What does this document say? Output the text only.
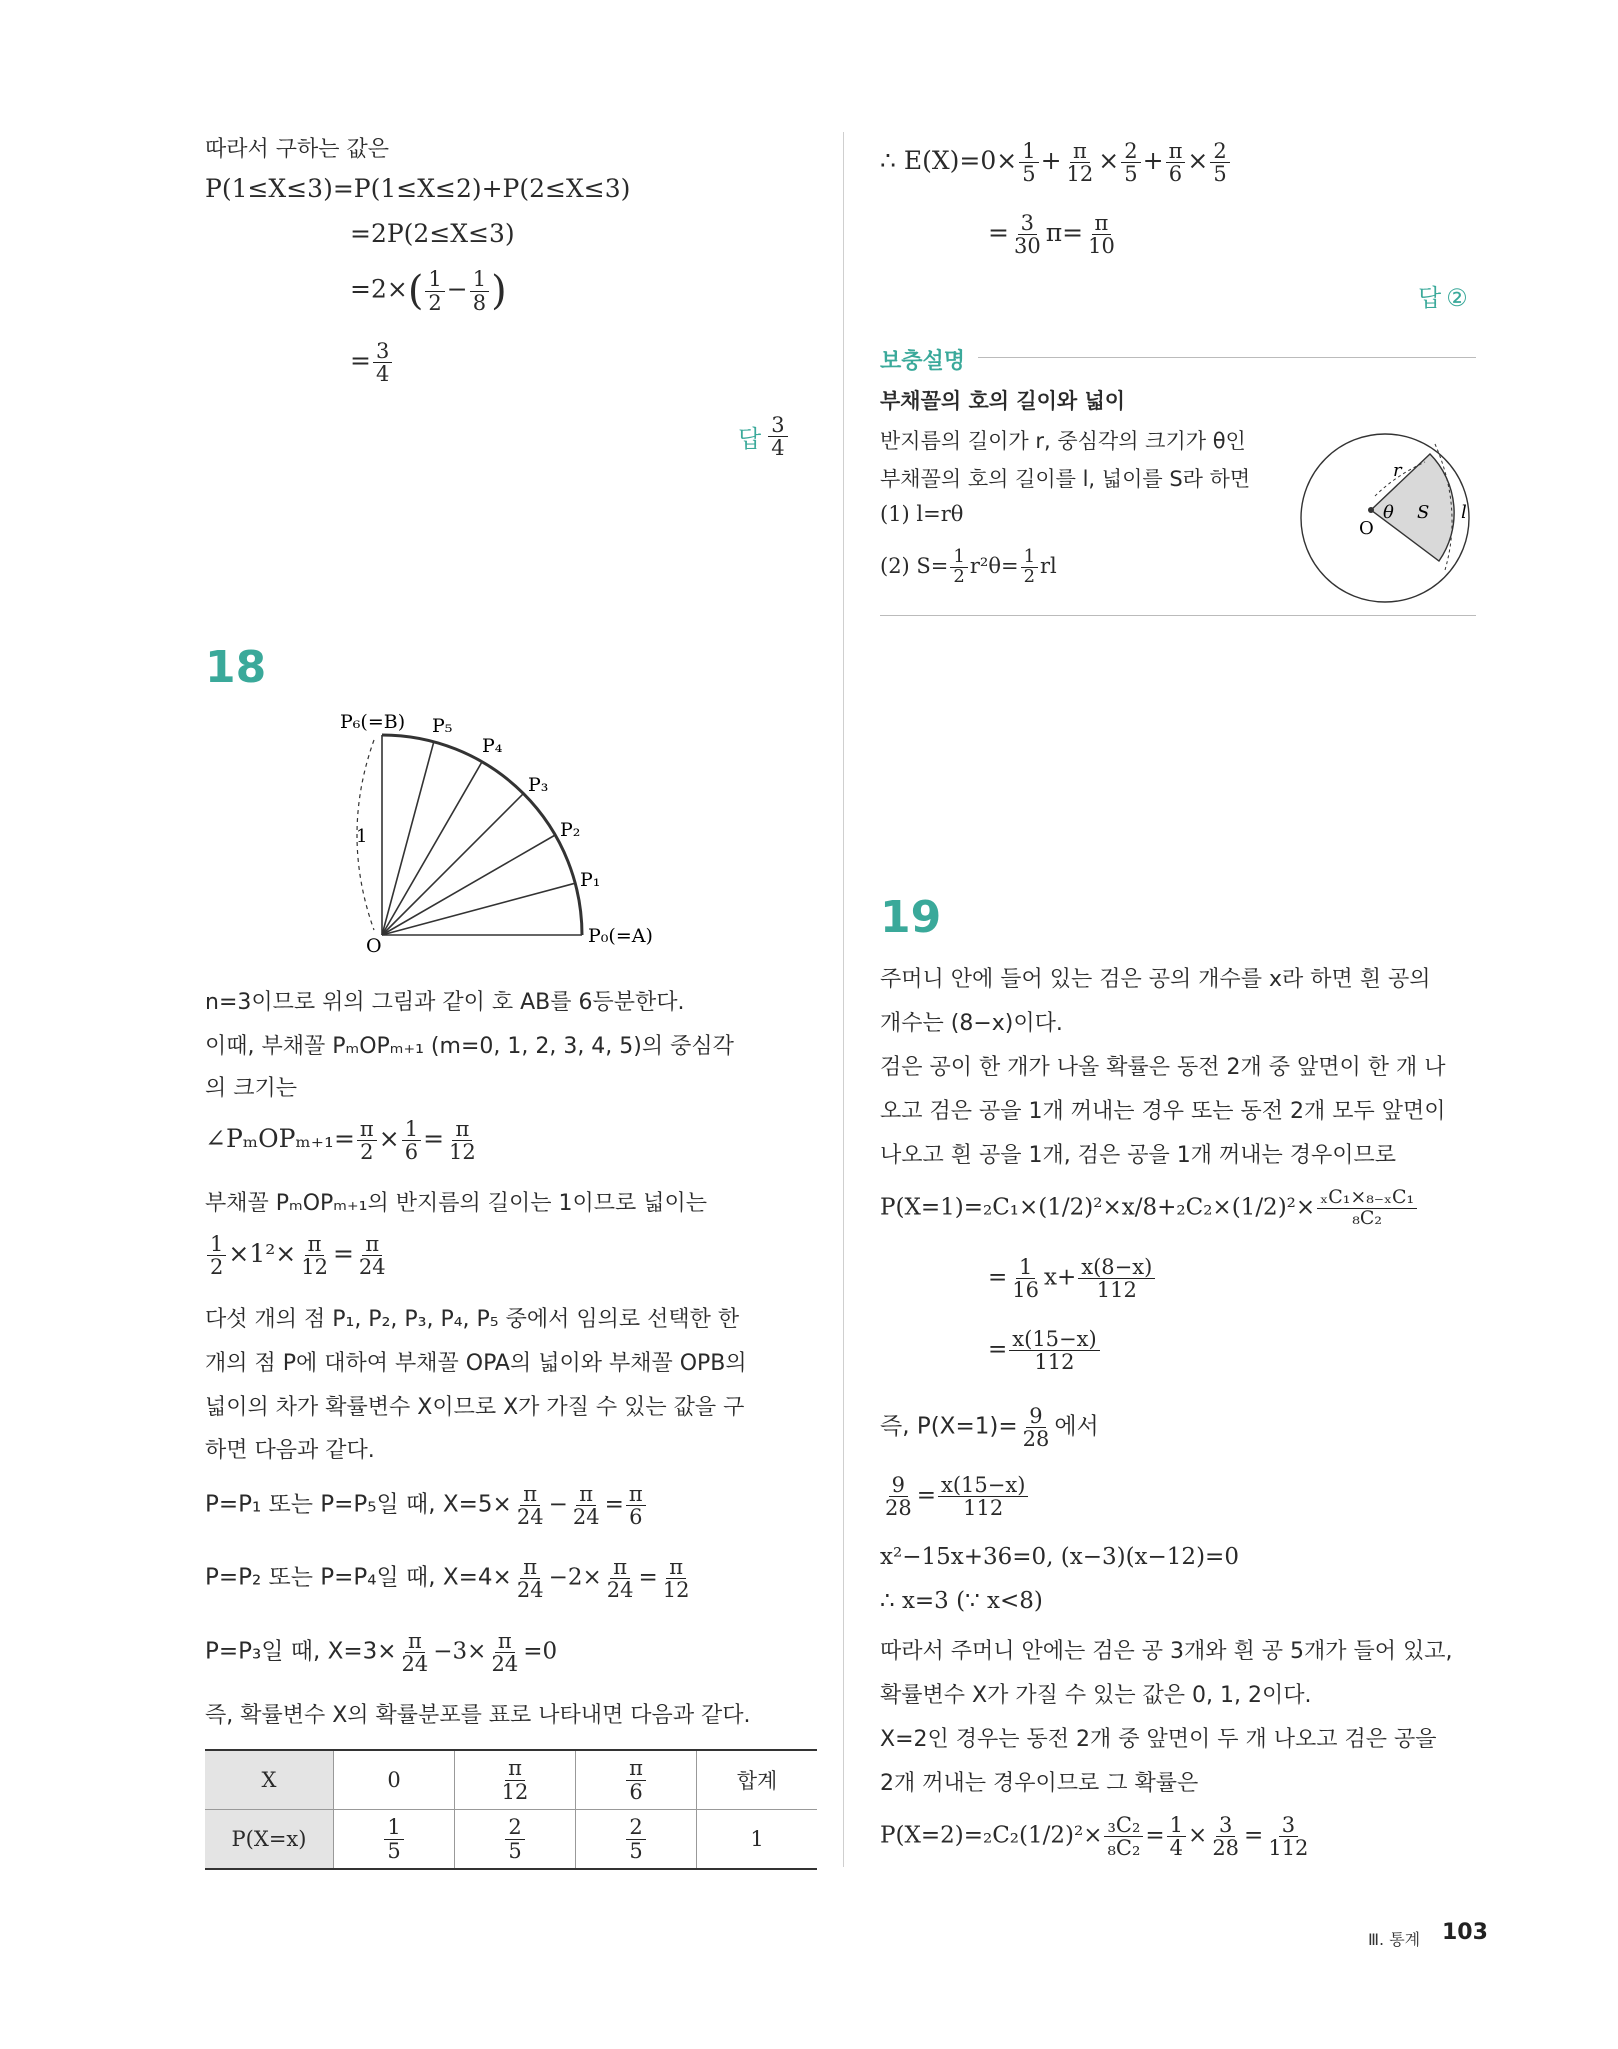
따라서 구하는 값은
P(1≤X≤3)=P(1≤X≤2)+P(2≤X≤3)
=2P(2≤X≤3)
$=2\times( \frac{1}{2} - \frac{1}{8}$ )
= $\frac{3}{4}$
답 $\frac{3}{4}$
18
P₆(=B) P₅
P₄
P₃
P₂
P₁
P₀(=A)
O
1
n=3이므로 위의 그림과 같이 호 AB를 6등분한다.
이때, 부채꼴 PₘOPₘ₊₁ (m=0, 1, 2, 3, 4, 5)의 중심각
의 크기는
∠PₘOPₘ₊₁= $\frac{\pi}{2} \times \frac{1}{6} = \frac{\pi}{12}$
부채꼴 PₘOPₘ₊₁의 반지름의 길이는 1이므로 넓이는
$\frac{1}{2} \times 1^2\times \frac{\pi}{12} = \frac{\pi}{24}$
다섯 개의 점 P₁, P₂, P₃, P₄, P₅ 중에서 임의로 선택한 한
개의 점 P에 대하여 부채꼴 OPA의 넓이와 부채꼴 OPB의
넓이의 차가 확률변수 X이므로 X가 가질 수 있는 값을 구
하면 다음과 같다.
P=P₁ 또는 P=P₅일 때, $X=5\times \frac{\pi}{24} - \frac{\pi}{24} = \frac{\pi}{6}$
P=P₂ 또는 P=P₄일 때, $X=4\times \frac{\pi}{24} -2\times \frac{\pi}{24} = \frac{\pi}{12}$
P=P₃일 때, $X=3\times \frac{\pi}{24} -3\times \frac{\pi}{24} =0$
즉, 확률변수 X의 확률분포를 표로 나타내면 다음과 같다.
X	0	$\frac{\pi}{12}$	$\frac{\pi}{6}$	합계
P(X=x)	$\frac{1}{5}$	$\frac{2}{5}$	$\frac{2}{5}$	1
∴ $E(X)=0\times \frac{1}{5} + \frac{\pi}{12} \times \frac{2}{5} + \frac{\pi}{6} \times \frac{2}{5}$
= $\frac{3}{30} \pi= \frac{\pi}{10}$
답 ②
보충설명
부채꼴의 호의 길이와 넓이
반지름의 길이가 r, 중심각의 크기가 θ인
부채꼴의 호의 길이를 l, 넓이를 S라 하면
(1) l=rθ
(2) $S= \frac{1}{2} r^2\theta= \frac{1}{2}$ rl
r
θ S l
O
19
주머니 안에 들어 있는 검은 공의 개수를 x라 하면 흰 공의
개수는 (8−x)이다.
검은 공이 한 개가 나올 확률은 동전 2개 중 앞면이 한 개 나
오고 검은 공을 1개 꺼내는 경우 또는 동전 2개 모두 앞면이
나오고 흰 공을 1개, 검은 공을 1개 꺼내는 경우이므로
$P(X=1)=_2C_1\times(1/2)^2\times x/8+_2C_2\times(1/2)^2\times \frac{\text{ₓC₁×₈₋ₓC₁}}{\text{₈C₂}}$
= $\frac{1}{16} x+ \frac{x(8-x)}{112}$
= $\frac{x(15-x)}{112}$
즉, $P(X=1)= \frac{9}{28}$ 에서
$\frac{9}{28} = \frac{x(15-x)}{112}$
x²−15x+36=0, (x−3)(x−12)=0
∴ x=3 (∵ x<8)
따라서 주머니 안에는 검은 공 3개와 흰 공 5개가 들어 있고,
확률변수 X가 가질 수 있는 값은 0, 1, 2이다.
X=2인 경우는 동전 2개 중 앞면이 두 개 나오고 검은 공을
2개 꺼내는 경우이므로 그 확률은
$P(X=2)=_2C_2(1/2)^2\times \frac{\text{₃C₂}}{\text{₈C₂}} = \frac{1}{4} \times \frac{3}{28} = \frac{3}{112}$
Ⅲ. 통계 103
